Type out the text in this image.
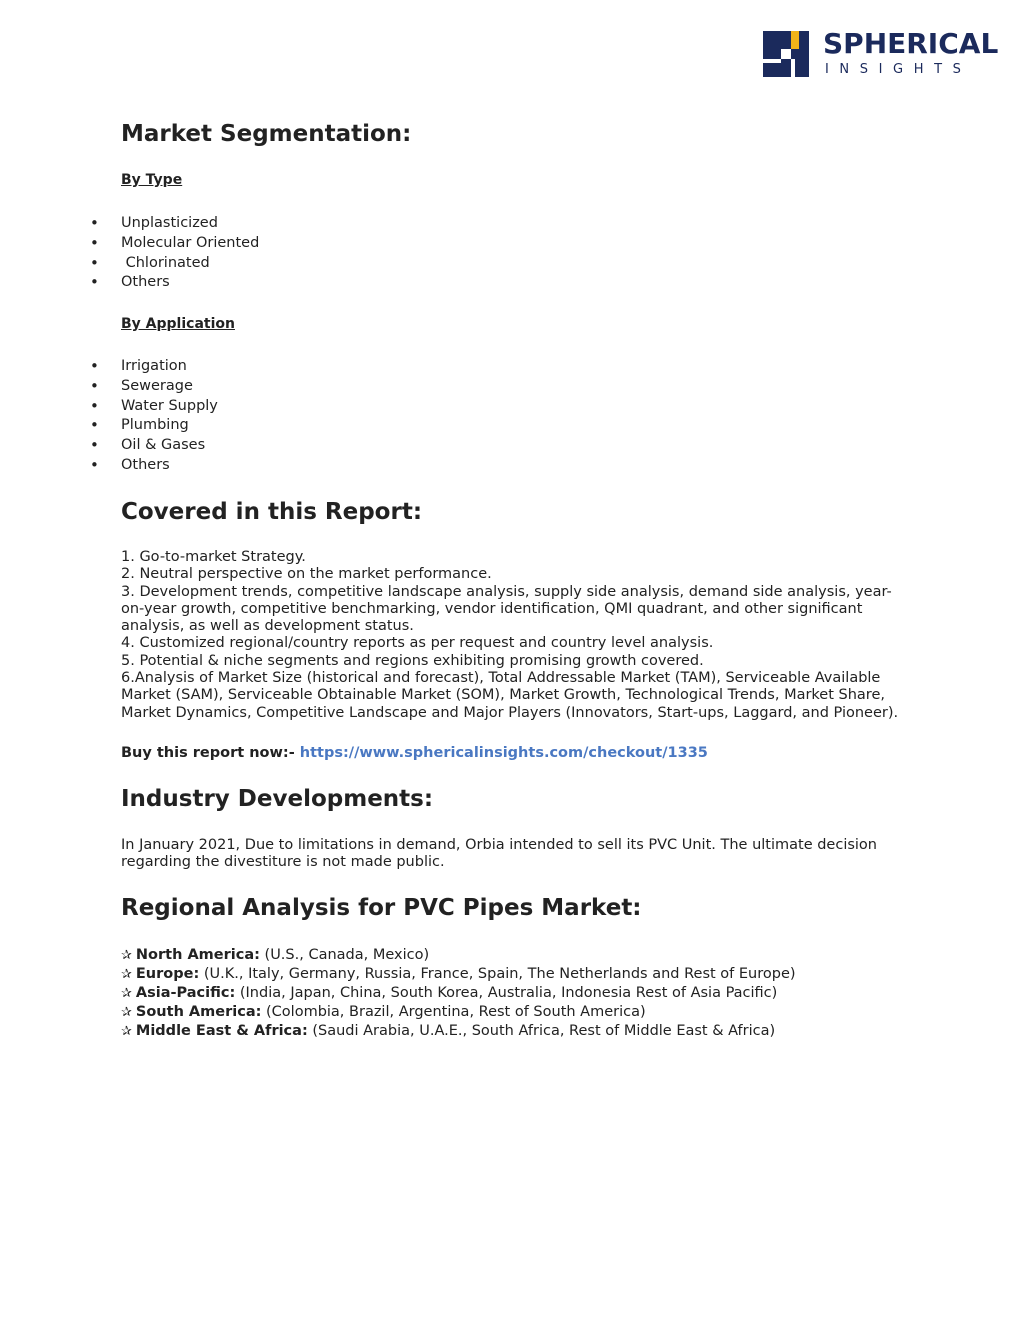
SPHERICAL
INSIGHTS
Market Segmentation:
By Type
• Unplasticized
• Molecular Oriented
•  Chlorinated
• Others
By Application
• Irrigation
• Sewerage
• Water Supply
• Plumbing
• Oil & Gases
• Others
Covered in this Report:
1. Go-to-market Strategy.
2. Neutral perspective on the market performance.
3. Development trends, competitive landscape analysis, supply side analysis, demand side analysis, year-on-year growth, competitive benchmarking, vendor identification, QMI quadrant, and other significant analysis, as well as development status.
4. Customized regional/country reports as per request and country level analysis.
5. Potential & niche segments and regions exhibiting promising growth covered.
6.Analysis of Market Size (historical and forecast), Total Addressable Market (TAM), Serviceable Available Market (SAM), Serviceable Obtainable Market (SOM), Market Growth, Technological Trends, Market Share, Market Dynamics, Competitive Landscape and Major Players (Innovators, Start-ups, Laggard, and Pioneer).
Buy this report now:- https://www.sphericalinsights.com/checkout/1335
Industry Developments:
In January 2021, Due to limitations in demand, Orbia intended to sell its PVC Unit. The ultimate decision regarding the divestiture is not made public.
Regional Analysis for PVC Pipes Market:
✰ North America: (U.S., Canada, Mexico)
✰ Europe: (U.K., Italy, Germany, Russia, France, Spain, The Netherlands and Rest of Europe)
✰ Asia-Pacific: (India, Japan, China, South Korea, Australia, Indonesia Rest of Asia Pacific)
✰ South America: (Colombia, Brazil, Argentina, Rest of South America)
✰ Middle East & Africa: (Saudi Arabia, U.A.E., South Africa, Rest of Middle East & Africa)
